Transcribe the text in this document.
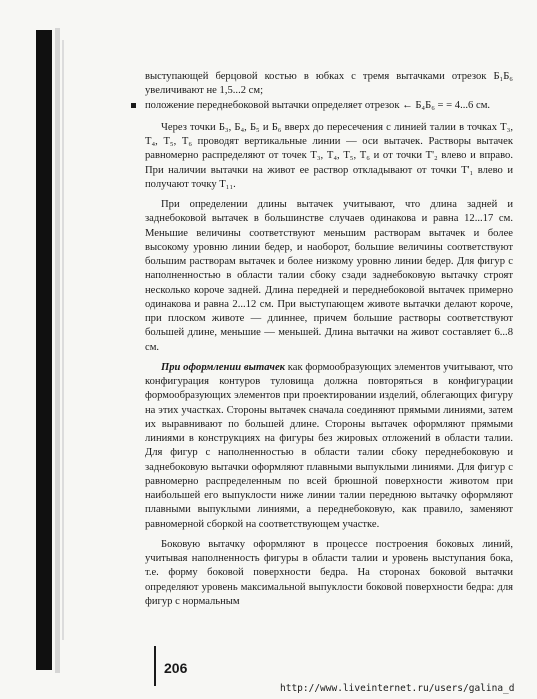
выступающей берцовой костью в юбках с тремя вытачками отрезок Б₁Б₆ увеличивают не 1,5...2 см;

положение переднебоковой вытачки определяет отрезок ← Б₄Б₆ = = 4...6 см.

Через точки Б₃, Б₄, Б₅ и Б₆ вверх до пересечения с линией талии в точках Т₃, Т₄, Т₅, Т₆ проводят вертикальные линии — оси вытачек. Растворы вытачек равномерно распределяют от точек Т₃, Т₄, Т₅, Т₆ и от точки Т'₂ влево и вправо. При наличии вытачки на живот ее раствор откладывают от точки Т'₁ влево и получают точку Т₁₁.

При определении длины вытачек учитывают, что длина задней и заднебоковой вытачек в большинстве случаев одинакова и равна 12...17 см. Меньшие величины соответствуют меньшим растворам вытачек и более высокому уровню линии бедер, и наоборот, большие величины соответствуют большим растворам вытачек и более низкому уровню линии бедер. Для фигур с наполненностью в области талии сбоку сзади заднебоковую вытачку строят несколько короче задней. Длина передней и переднебоковой вытачек примерно одинакова и равна 2...12 см. При выступающем животе вытачки делают короче, при плоском животе — длиннее, причем большие растворы соответствуют большей длине, меньшие — меньшей. Длина вытачки на живот составляет 6...8 см.

При оформлении вытачек как формообразующих элементов учитывают, что конфигурация контуров туловища должна повторяться в конфигурации формообразующих элементов при проектировании изделий, облегающих фигуру на этих участках. Стороны вытачек сначала соединяют прямыми линиями, затем их выравнивают по большей длине. Стороны вытачек оформляют прямыми линиями в конструкциях на фигуры без жировых отложений в области талии. Для фигур с наполненностью в области талии сбоку переднебоковую и заднебоковую вытачки оформляют плавными выпуклыми линиями. Для фигур с равномерно распределенным по всей брюшной поверхности животом при наибольшей его выпуклости ниже линии талии переднюю вытачку оформляют плавными выпуклыми линиями, а переднебоковую, как правило, заменяют равномерной сборкой на соответствующем участке.

Боковую вытачку оформляют в процессе построения боковых линий, учитывая наполненность фигуры в области талии и уровень выступания бока, т.е. форму боковой поверхности бедра. На сторонах боковой вытачки определяют уровень максимальной выпуклости боковой поверхности бедра: для фигур с нормальным

206
http://www.liveinternet.ru/users/galina_d
